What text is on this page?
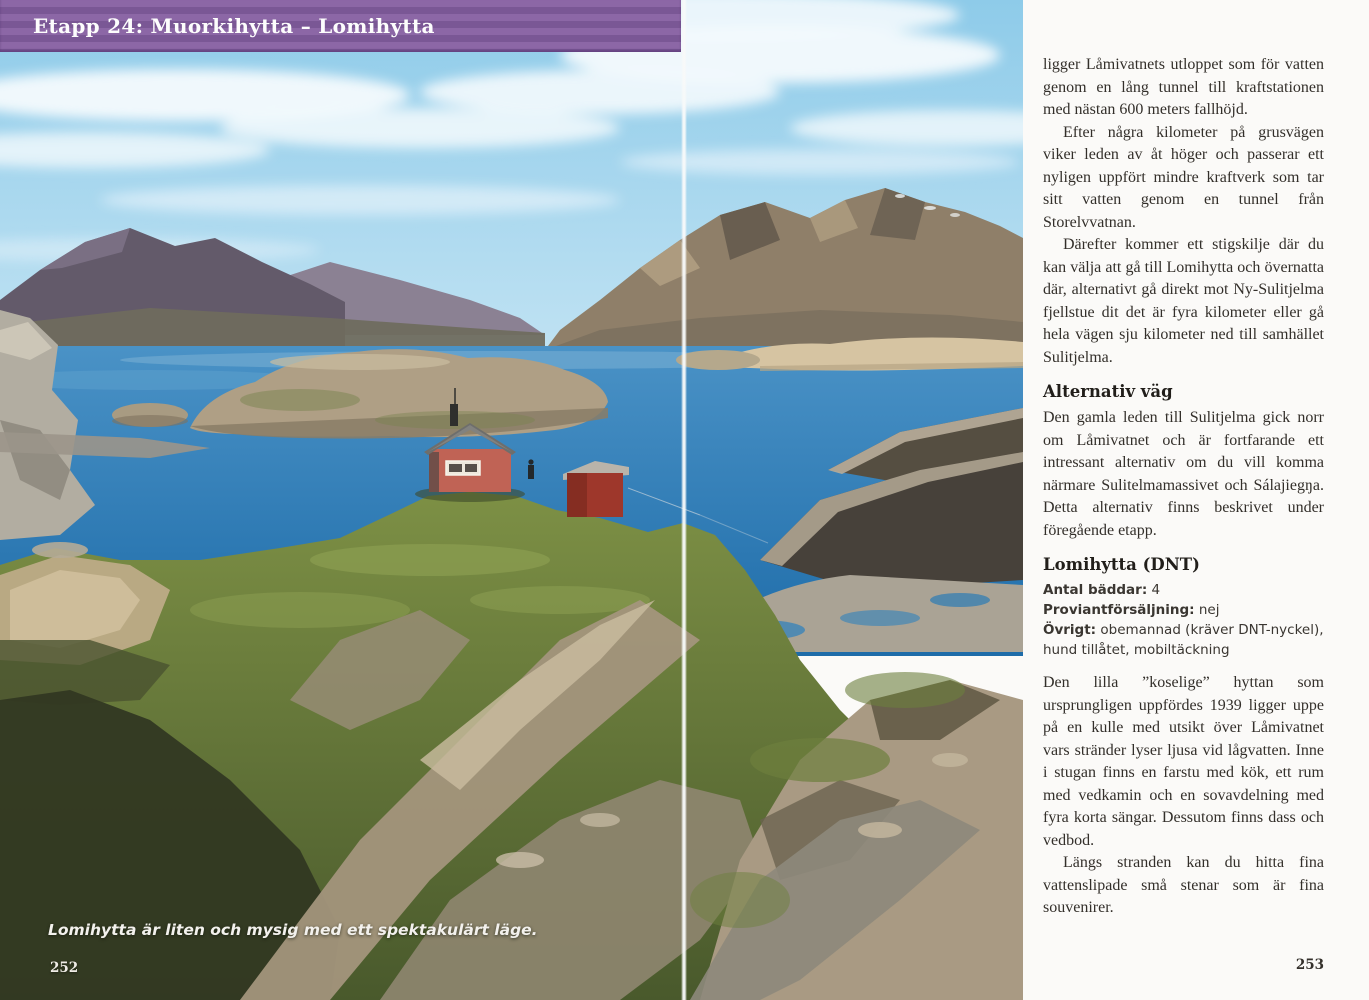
Lomihytta är liten och mysig med ett spektakulärt läge.
252
Etapp 24: Muorkihytta – Lomihytta

ligger Låmivatnets utloppet som för vatten genom en lång tunnel till kraftstationen med nästan 600 meters fallhöjd.

Efter några kilometer på grusvägen viker leden av åt höger och passerar ett nyligen uppfört mindre kraftverk som tar sitt vatten genom en tunnel från Storelvvatnan.

Därefter kommer ett stigskilje där du kan välja att gå till Lomihytta och övernatta där, alternativt gå direkt mot Ny-Sulitjelma fjellstue dit det är fyra kilometer eller gå hela vägen sju kilometer ned till samhället Sulitjelma.

Alternativ väg

Den gamla leden till Sulitjelma gick norr om Låmivatnet och är fortfarande ett intressant alternativ om du vill komma närmare Sulitelmamassivet och Sálajiegŋa. Detta alternativ finns beskrivet under föregående etapp.

Lomihytta (DNT)

Antal bäddar: 4

Proviantförsäljning: nej

Övrigt: obemannad (kräver DNT-nyckel), hund tillåtet, mobiltäckning

Den lilla ”koselige” hyttan som ursprungligen uppfördes 1939 ligger uppe på en kulle med utsikt över Låmivatnet vars stränder lyser ljusa vid lågvatten. Inne i stugan finns en farstu med kök, ett rum med vedkamin och en sovavdelning med fyra korta sängar. Dessutom finns dass och vedbod.

Längs stranden kan du hitta fina vattenslipade små stenar som är fina souvenirer.

253
